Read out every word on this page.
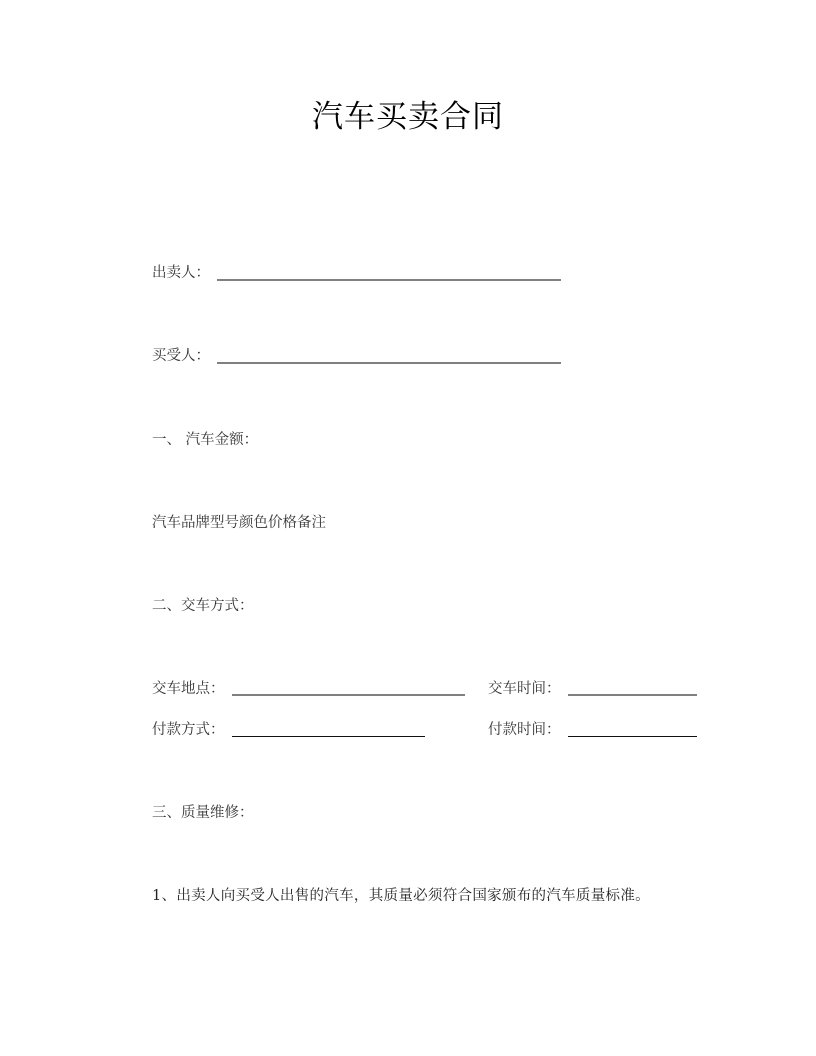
汽车买卖合同
出卖人：
买受人：
一、 汽车金额：
汽车品牌型号颜色价格备注
二、交车方式：
交车地点：	交车时间：
付款方式：	付款时间：
三、质量维修：
1、出卖人向买受人出售的汽车，其质量必须符合国家颁布的汽车质量标准。
